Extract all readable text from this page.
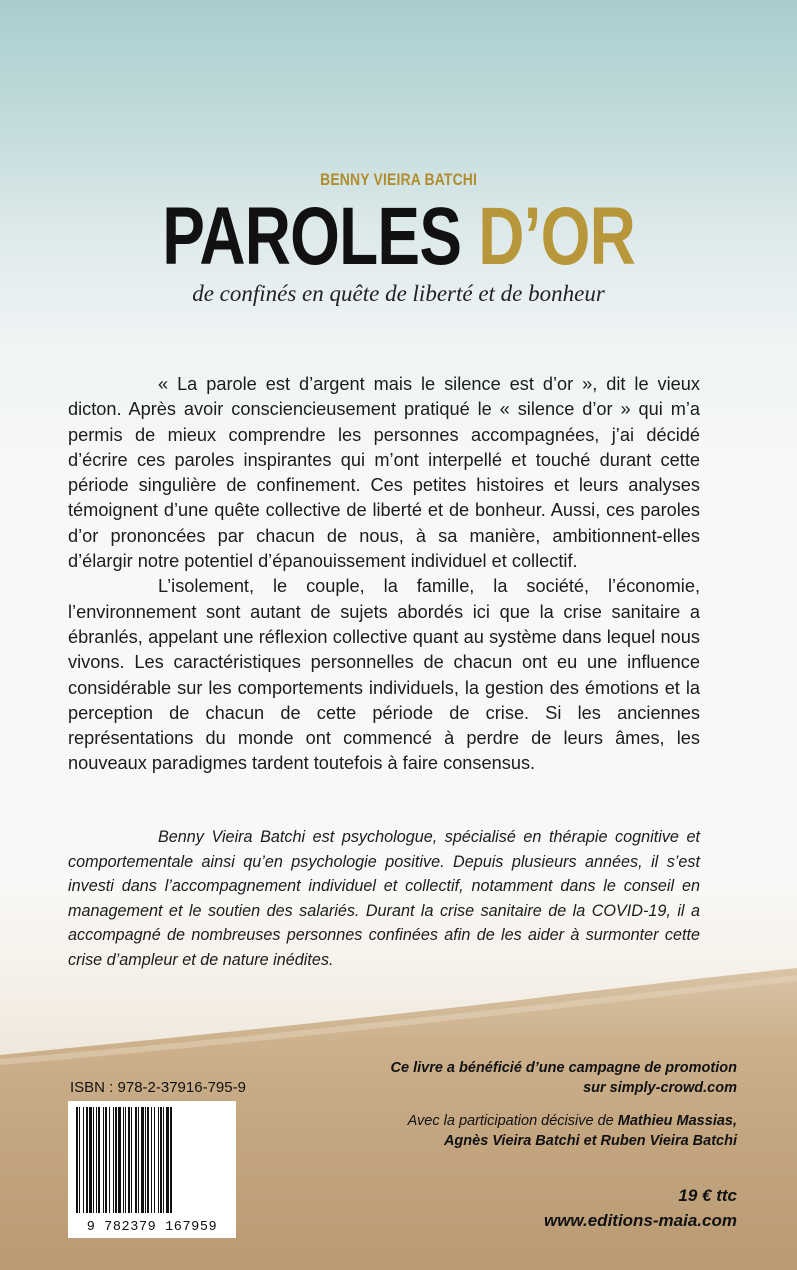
BENNY VIEIRA BATCHI
PAROLES D’OR
de confinés en quête de liberté et de bonheur

« La parole est d’argent mais le silence est d’or », dit le vieux dicton. Après avoir consciencieusement pratiqué le « silence d’or » qui m’a permis de mieux comprendre les personnes accompagnées, j’ai décidé d’écrire ces paroles inspirantes qui m’ont interpellé et touché durant cette période singulière de confinement. Ces petites histoires et leurs analyses témoignent d’une quête collective de liberté et de bonheur. Aussi, ces paroles d’or prononcées par chacun de nous, à sa manière, ambitionnent-elles d’élargir notre potentiel d’épanouissement individuel et collectif.

L’isolement, le couple, la famille, la société, l’économie, l’environnement sont autant de sujets abordés ici que la crise sanitaire a ébranlés, appelant une réflexion collective quant au système dans lequel nous vivons. Les caractéristiques personnelles de chacun ont eu une influence considérable sur les comportements individuels, la gestion des émotions et la perception de chacun de cette période de crise. Si les anciennes représentations du monde ont commencé à perdre de leurs âmes, les nouveaux paradigmes tardent toutefois à faire consensus.

Benny Vieira Batchi est psychologue, spécialisé en thérapie cognitive et comportementale ainsi qu’en psychologie positive. Depuis plusieurs années, il s’est investi dans l’accompagnement individuel et collectif, notamment dans le conseil en management et le soutien des salariés. Durant la crise sanitaire de la COVID-19, il a accompagné de nombreuses personnes confinées afin de les aider à surmonter cette crise d’ampleur et de nature inédites.

ISBN : 978-2-37916-795-9
9 782379 167959
Ce livre a bénéficié d’une campagne de promotion
sur simply-crowd.com
Avec la participation décisive de Mathieu Massias,
Agnès Vieira Batchi et Ruben Vieira Batchi
19 € ttc
www.editions-maia.com
